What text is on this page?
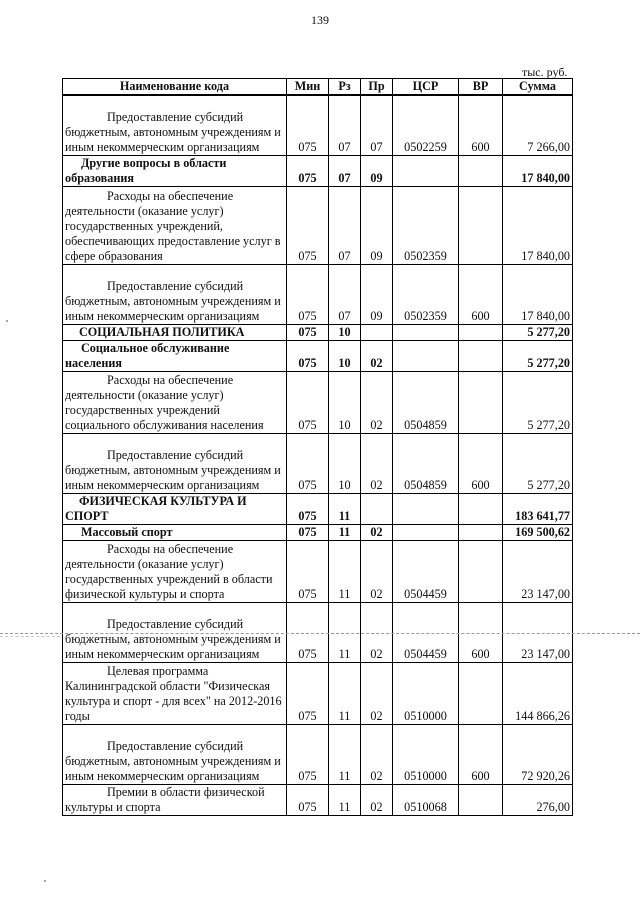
139
тыс. руб.
Наименование кода	Мин	Рз	Пр	ЦСР	ВР	Сумма

Предоставление субсидий бюджетным, автономным учреждениям и иным некоммерческим организациям	075	07	07	0502259	600	7 266,00

Другие вопросы в области образования	075	07	09			17 840,00

Расходы на обеспечение деятельности (оказание услуг) государственных учреждений, обеспечивающих предоставление услуг в сфере образования	075	07	09	0502359		17 840,00

Предоставление субсидий бюджетным, автономным учреждениям и иным некоммерческим организациям	075	07	09	0502359	600	17 840,00

СОЦИАЛЬНАЯ ПОЛИТИКА	075	10				5 277,20

Социальное обслуживание населения	075	10	02			5 277,20

Расходы на обеспечение деятельности (оказание услуг) государственных учреждений социального обслуживания населения	075	10	02	0504859		5 277,20

Предоставление субсидий бюджетным, автономным учреждениям и иным некоммерческим организациям	075	10	02	0504859	600	5 277,20

ФИЗИЧЕСКАЯ КУЛЬТУРА И СПОРТ	075	11				183 641,77

Массовый спорт	075	11	02			169 500,62

Расходы на обеспечение деятельности (оказание услуг) государственных учреждений в области физической культуры и спорта	075	11	02	0504459		23 147,00

Предоставление субсидий бюджетным, автономным учреждениям и иным некоммерческим организациям	075	11	02	0504459	600	23 147,00

Целевая программа Калининградской области "Физическая культура и спорт - для всех" на 2012-2016 годы	075	11	02	0510000		144 866,26

Предоставление субсидий бюджетным, автономным учреждениям и иным некоммерческим организациям	075	11	02	0510000	600	72 920,26

Премии в области физической культуры и спорта	075	11	02	0510068		276,00
